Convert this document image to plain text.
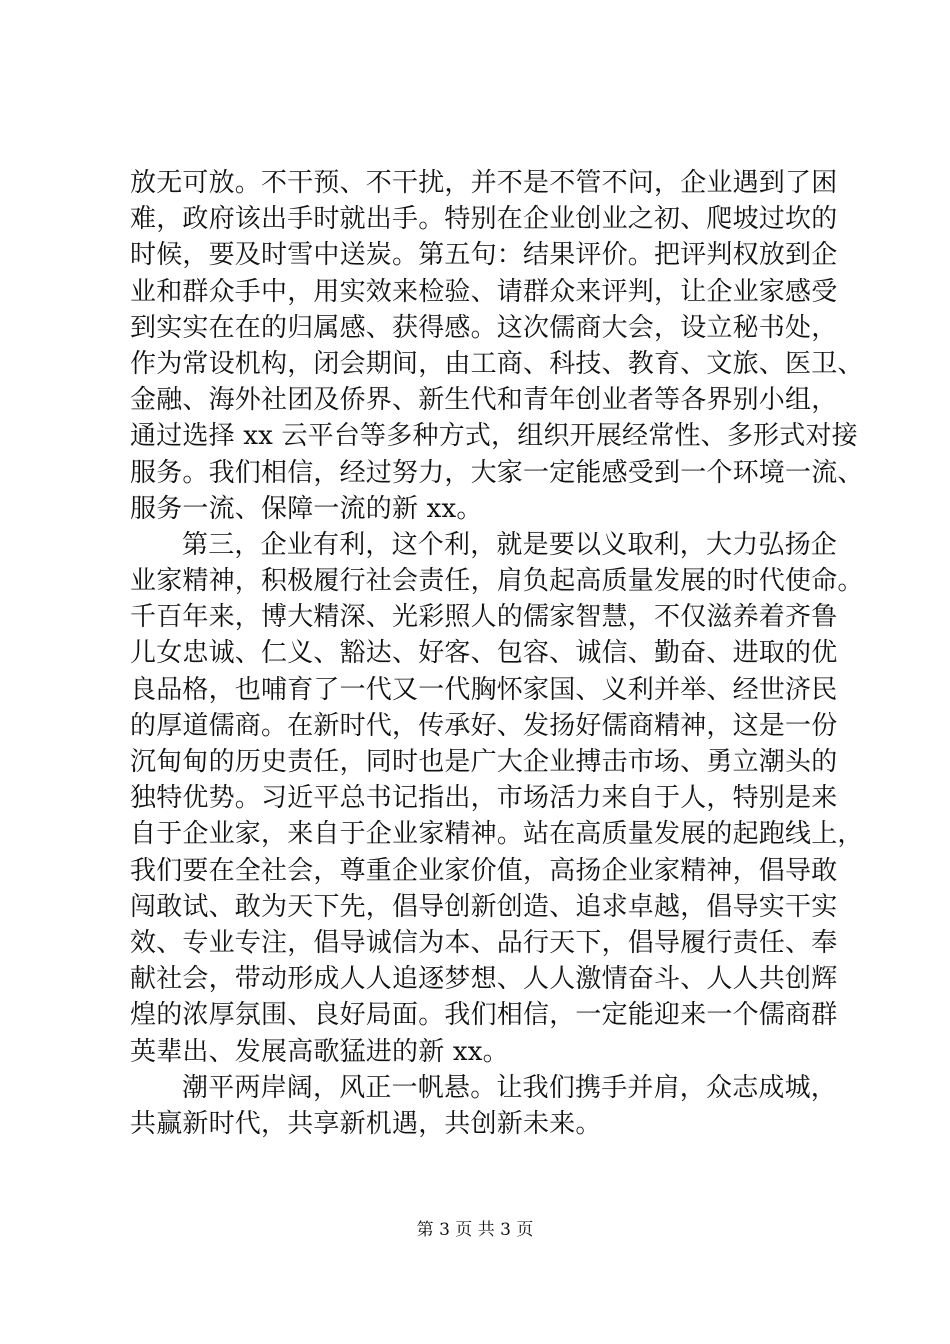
放无可放。不干预、不干扰，并不是不管不问，企业遇到了困
难，政府该出手时就出手。特别在企业创业之初、爬坡过坎的
时候，要及时雪中送炭。第五句：结果评价。把评判权放到企
业和群众手中，用实效来检验、请群众来评判，让企业家感受
到实实在在的归属感、获得感。这次儒商大会，设立秘书处，
作为常设机构，闭会期间，由工商、科技、教育、文旅、医卫、
金融、海外社团及侨界、新生代和青年创业者等各界别小组，
通过选择 xx 云平台等多种方式，组织开展经常性、多形式对接
服务。我们相信，经过努力，大家一定能感受到一个环境一流、
服务一流、保障一流的新 xx。
第三，企业有利，这个利，就是要以义取利，大力弘扬企
业家精神，积极履行社会责任，肩负起高质量发展的时代使命。
千百年来，博大精深、光彩照人的儒家智慧，不仅滋养着齐鲁
儿女忠诚、仁义、豁达、好客、包容、诚信、勤奋、进取的优
良品格，也哺育了一代又一代胸怀家国、义利并举、经世济民
的厚道儒商。在新时代，传承好、发扬好儒商精神，这是一份
沉甸甸的历史责任，同时也是广大企业搏击市场、勇立潮头的
独特优势。习近平总书记指出，市场活力来自于人，特别是来
自于企业家，来自于企业家精神。站在高质量发展的起跑线上，
我们要在全社会，尊重企业家价值，高扬企业家精神，倡导敢
闯敢试、敢为天下先，倡导创新创造、追求卓越，倡导实干实
效、专业专注，倡导诚信为本、品行天下，倡导履行责任、奉
献社会，带动形成人人追逐梦想、人人激情奋斗、人人共创辉
煌的浓厚氛围、良好局面。我们相信，一定能迎来一个儒商群
英辈出、发展高歌猛进的新 xx。
潮平两岸阔，风正一帆悬。让我们携手并肩，众志成城，
共赢新时代，共享新机遇，共创新未来。
第 3 页 共 3 页
